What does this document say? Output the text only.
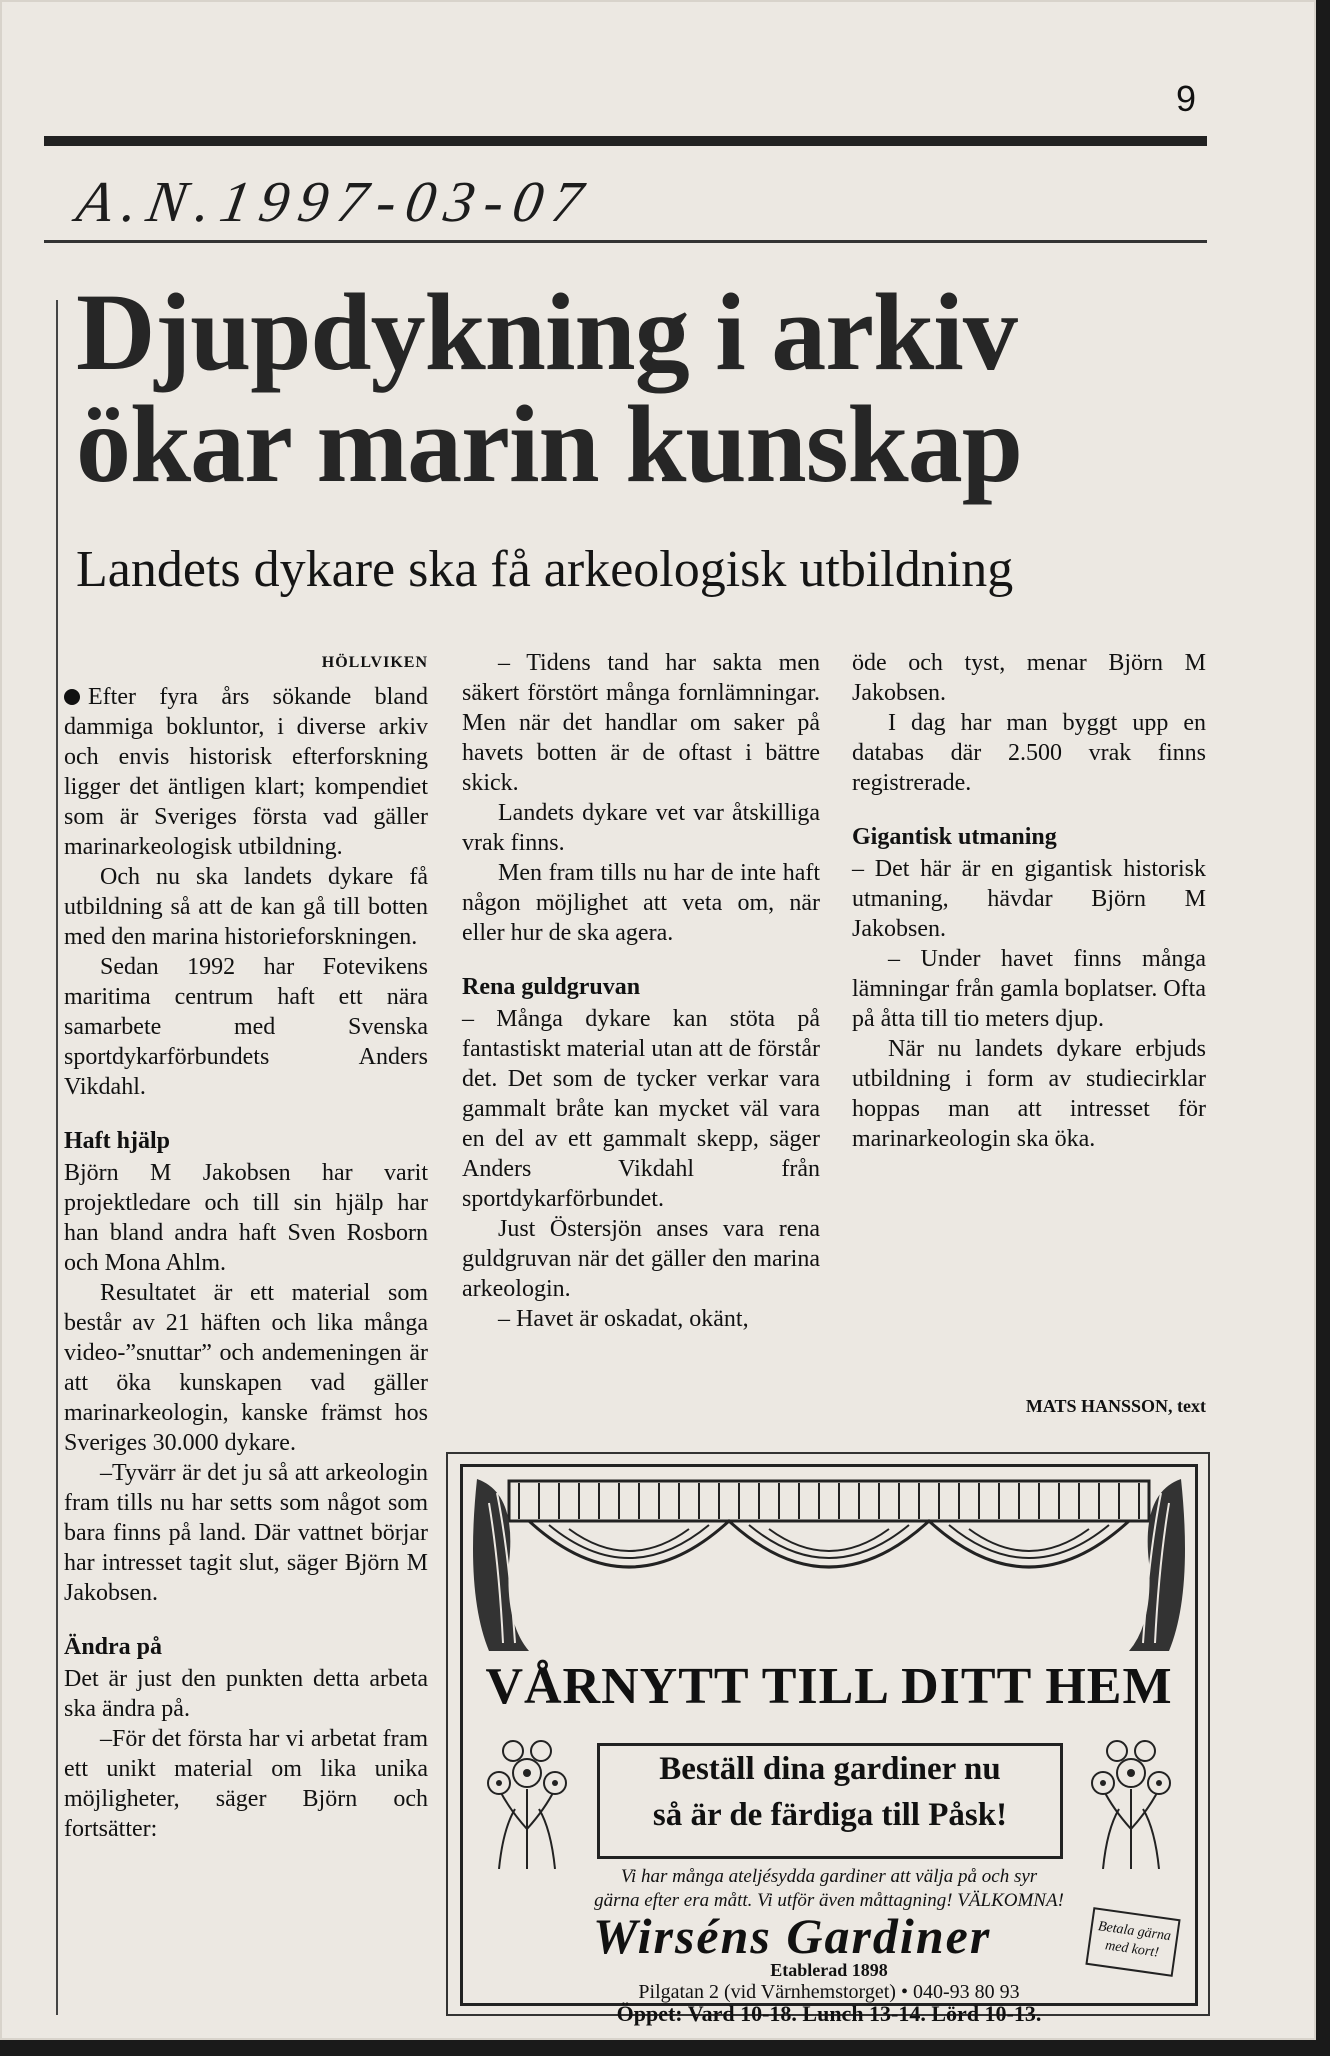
9
A.N.1997-03-07
Djupdykning i arkiv
ökar marin kunskap
Landets dykare ska få arkeologisk utbildning
HÖLLVIKEN

Efter fyra års sökande bland dammiga bokluntor, i diverse arkiv och envis historisk efterforskning ligger det äntligen klart; kompendiet som är Sveriges första vad gäller marinarkeologisk utbildning.

Och nu ska landets dykare få utbildning så att de kan gå till botten med den marina historieforskningen.

Sedan 1992 har Fotevikens maritima centrum haft ett nära samarbete med Svenska sportdykarförbundets Anders Vikdahl.

Haft hjälp

Björn M Jakobsen har varit projektledare och till sin hjälp har han bland andra haft Sven Rosborn och Mona Ahlm.

Resultatet är ett material som består av 21 häften och lika många video-”snuttar” och andemeningen är att öka kunskapen vad gäller marinarkeologin, kanske främst hos Sveriges 30.000 dykare.

–Tyvärr är det ju så att arkeologin fram tills nu har setts som något som bara finns på land. Där vattnet börjar har intresset tagit slut, säger Björn M Jakobsen.

Ändra på

Det är just den punkten detta arbeta ska ändra på.

–För det första har vi arbetat fram ett unikt material om lika unika möjligheter, säger Björn och fortsätter:

– Tidens tand har sakta men säkert förstört många fornlämningar. Men när det handlar om saker på havets botten är de oftast i bättre skick.

Landets dykare vet var åtskilliga vrak finns.

Men fram tills nu har de inte haft någon möjlighet att veta om, när eller hur de ska agera.

Rena guldgruvan

– Många dykare kan stöta på fantastiskt material utan att de förstår det. Det som de tycker verkar vara gammalt bråte kan mycket väl vara en del av ett gammalt skepp, säger Anders Vikdahl från sportdykarförbundet.

Just Östersjön anses vara rena guldgruvan när det gäller den marina arkeologin.

– Havet är oskadat, okänt,

öde och tyst, menar Björn M Jakobsen.

I dag har man byggt upp en databas där 2.500 vrak finns registrerade.

Gigantisk utmaning

– Det här är en gigantisk historisk utmaning, hävdar Björn M Jakobsen.

– Under havet finns många lämningar från gamla boplatser. Ofta på åtta till tio meters djup.

När nu landets dykare erbjuds utbildning i form av studiecirklar hoppas man att intresset för marinarkeologin ska öka.

MATS HANSSON, text
VÅRNYTT TILL DITT HEM
Beställ dina gardiner nu
så är de färdiga till Påsk!
Vi har många ateljésydda gardiner att välja på och syr
gärna efter era mått. Vi utför även måttagning! VÄLKOMNA!
Wirséns Gardiner	Betala gärna med kort!
Etablerad 1898
Pilgatan 2 (vid Värnhemstorget) • 040-93 80 93
Öppet: Vard 10-18. Lunch 13-14. Lörd 10-13.
